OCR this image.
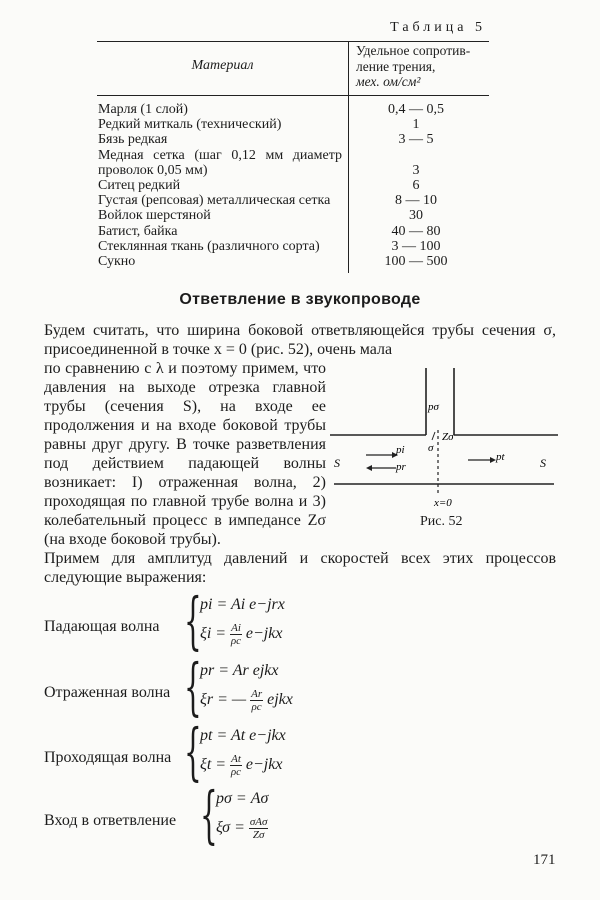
Таблица 5
Материал
Удельное сопротив-
ление трения,
мех. ом/см²
Марля (1 слой)	0,4 — 0,5
Редкий миткаль (технический)	1
Бязь редкая	3 — 5
Медная сетка (шаг 0,12 мм диаметр проволок 0,05 мм)	3
Ситец редкий	6
Густая (репсовая) металлическая сетка	8 — 10
Войлок шерстяной	30
Батист, байка	40 — 80
Стеклянная ткань (различного сорта)	3 — 100
Сукно	100 — 500
Ответвление в звукопроводе

Будем считать, что ширина боковой ответвляющейся трубы сечения σ, присоединенной в точке x = 0 (рис. 52), очень мала

по сравнению с λ и поэтому примем, что давления на выходе отрезка главной трубы (сечения S), на входе ее продолжения и на входе боковой трубы равны друг другу. В точке разветвления под действием падающей волны возникает: I) отраженная волна, 2) проходящая по главной трубе волна и 3) колебательный процесс в импедансе Zσ (на входе боковой трубы).

S	S
pi
pr
pt
pσ
Zσ
σ
x=0
Рис. 52

Примем для амплитуд давлений и скоростей всех этих процессов следующие выражения:

Падающая волна {
pi = Ai e−jrx
$\xi i = \frac{Ai}{\rho c} e-jkx$
Отраженная волна {
pr = Ar ejkx
ξr = — $\frac{Ar}{\rho c}$ ejkx
Проходящая волна {
pt = At e−jkx
$\xi t = \frac{At}{\rho c} e-jkx$
Вход в ответвление {
pσ = Aσ
$\xi\sigma = \frac{\text{σAσ}}{Z\sigma}$
171
